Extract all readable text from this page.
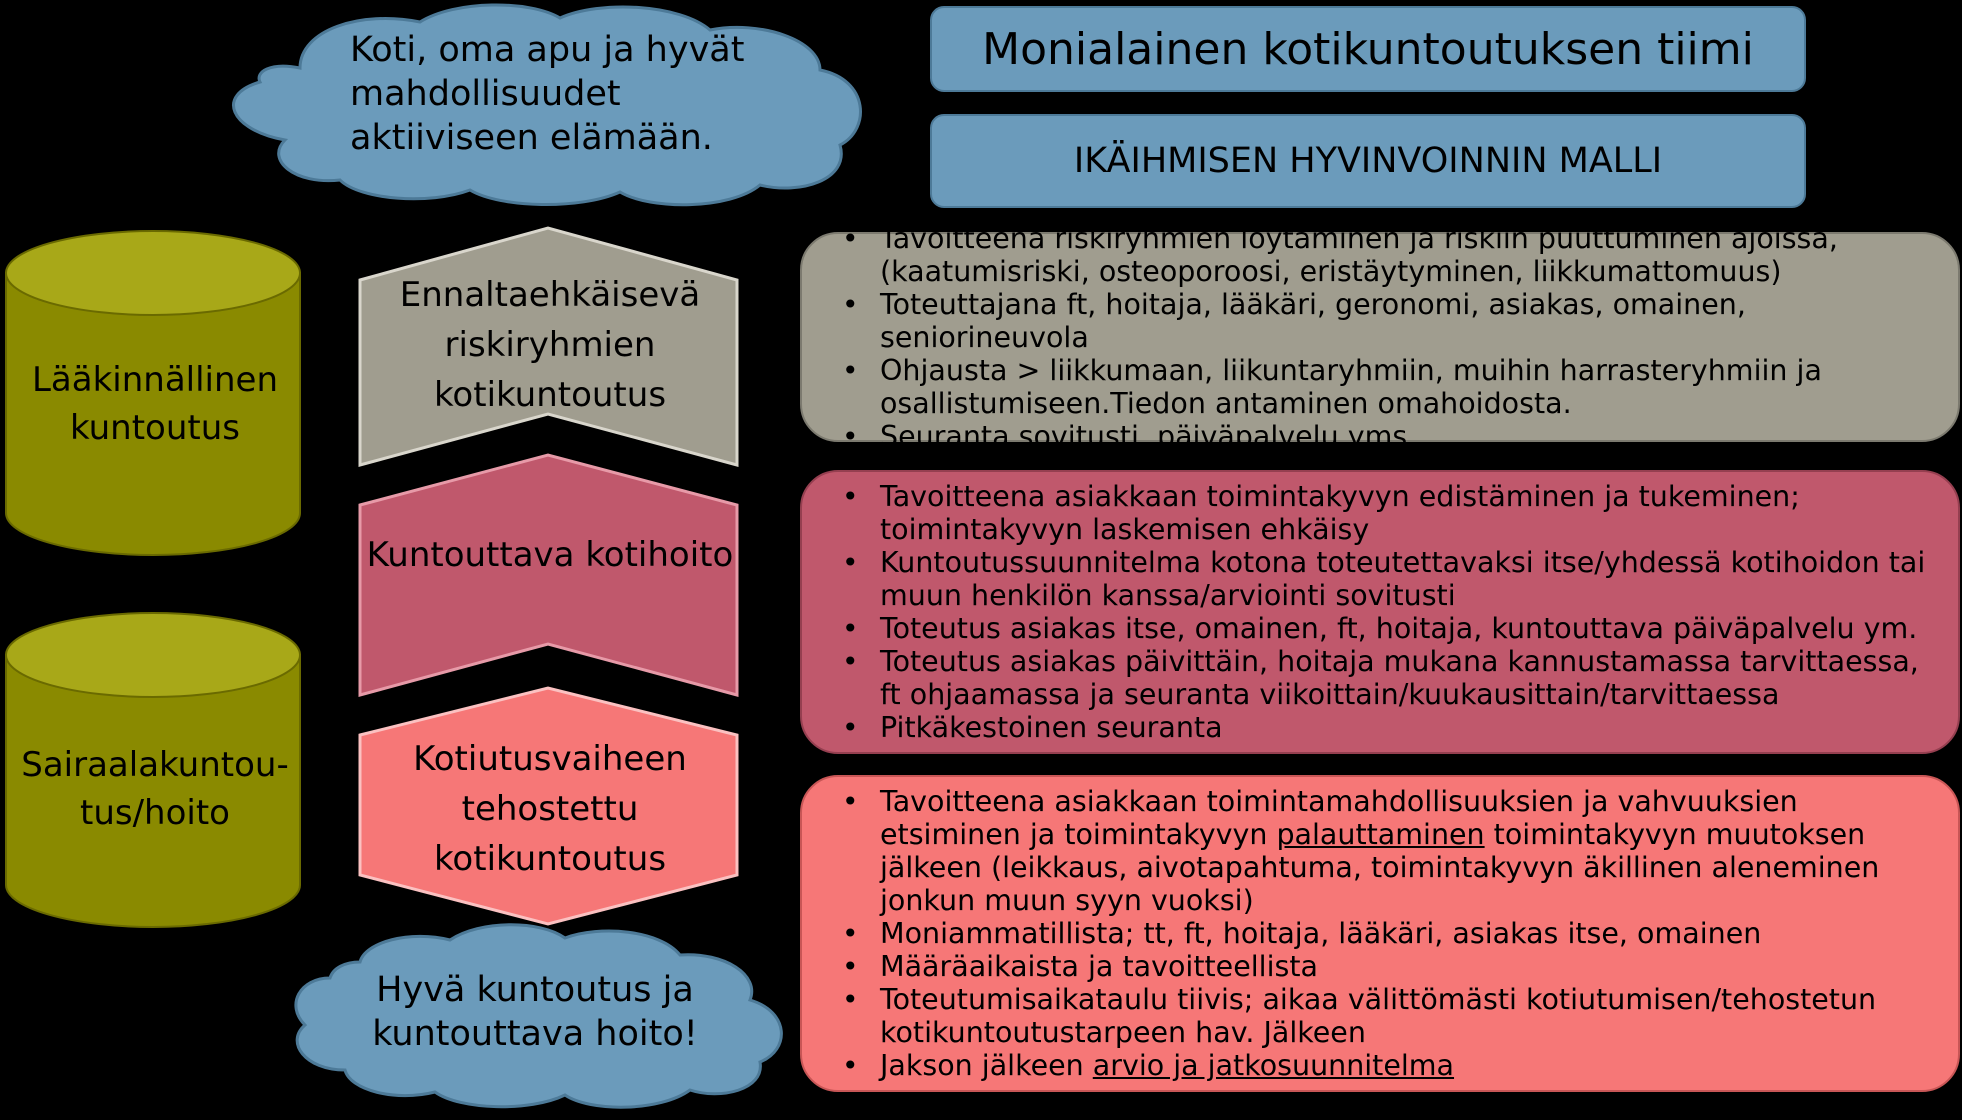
Monialainen kotikuntoutuksen tiimi
IKÄIHMISEN HYVINVOINNIN MALLI
Koti, oma apu ja hyvät mahdollisuudet aktiiviseen elämään.
Hyvä kuntoutus ja kuntouttava hoito!
Lääkinnällinen kuntoutus
Sairaalakuntou-tus/hoito
Ennaltaehkäisevä riskiryhmien kotikuntoutus
Kuntouttava kotihoito
Kotiutusvaiheen tehostettu kotikuntoutus
• Tavoitteena riskiryhmien löytäminen ja riskiin puuttuminen ajoissa, (kaatumisriski, osteoporoosi, eristäytyminen, liikkumattomuus)
• Toteuttajana ft, hoitaja, lääkäri, geronomi, asiakas, omainen, seniorineuvola
• Ohjausta > liikkumaan, liikuntaryhmiin, muihin harrasteryhmiin ja osallistumiseen.Tiedon antaminen omahoidosta.
• Seuranta sovitusti, päiväpalvelu yms.
• Tavoitteena asiakkaan toimintakyvyn edistäminen ja tukeminen; toimintakyvyn laskemisen ehkäisy
• Kuntoutussuunnitelma kotona toteutettavaksi itse/yhdessä kotihoidon tai muun henkilön kanssa/arviointi sovitusti
• Toteutus asiakas itse, omainen, ft, hoitaja, kuntouttava päiväpalvelu ym.
• Toteutus asiakas päivittäin, hoitaja mukana kannustamassa tarvittaessa, ft ohjaamassa ja seuranta viikoittain/kuukausittain/tarvittaessa
• Pitkäkestoinen seuranta
• Tavoitteena asiakkaan toimintamahdollisuuksien ja vahvuuksien etsiminen ja toimintakyvyn palauttaminen toimintakyvyn muutoksen jälkeen (leikkaus, aivotapahtuma, toimintakyvyn äkillinen aleneminen jonkun muun syyn vuoksi)
• Moniammatillista; tt, ft, hoitaja, lääkäri, asiakas itse, omainen
• Määräaikaista ja tavoitteellista
• Toteutumisaikataulu tiivis; aikaa välittömästi kotiutumisen/tehostetun kotikuntoutustarpeen hav. Jälkeen
• Jakson jälkeen arvio ja jatkosuunnitelma
